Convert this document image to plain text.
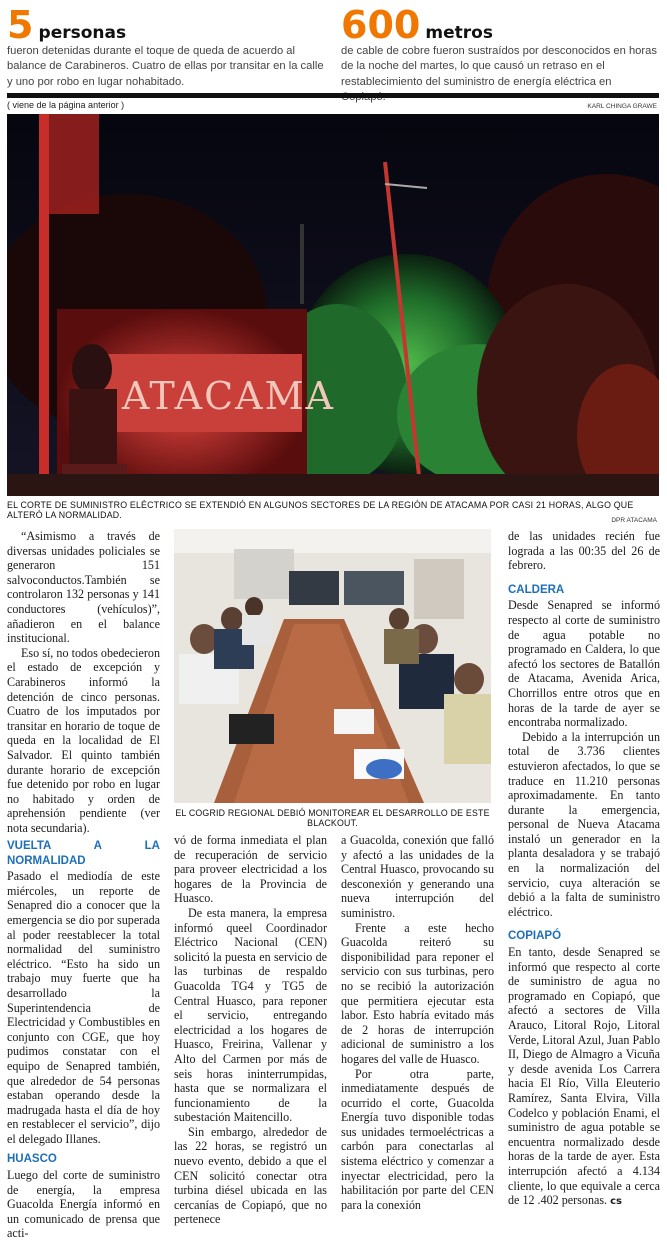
5 personas
fueron detenidas durante el toque de queda de acuerdo al balance de Carabineros. Cuatro de ellas por transitar en la calle y uno por robo en lugar nohabitado.
600 metros
de cable de cobre fueron sustraídos por desconocidos en horas de la noche del martes, lo que causó un retraso en el restablecimiento del suministro de energía eléctrica en
( viene de la página anterior )	KARL CHINGA GRAWE
ATACAMA
EL CORTE DE SUMINISTRO ELÉCTRICO SE EXTENDIÓ EN ALGUNOS SECTORES DE LA REGIÓN DE ATACAMA POR CASI 21 HORAS, ALGO QUE ALTERÓ LA NORMALIDAD.
DPR ATACAMA

“Asimismo a través de diversas unidades policiales se generaron 151 salvoconductos.También se controlaron 132 personas y 141 conductores (vehículos)”, añadieron en el balance institucional.

Eso sí, no todos obedecieron el estado de excepción y Carabineros informó la detención de cinco personas. Cuatro de los imputados por transitar en horario de toque de queda en la localidad de El Salvador. El quinto también durante horario de excepción fue detenido por robo en lugar no habitado y orden de aprehensión pendiente (ver nota secundaria).

EL COGRID REGIONAL DEBIÓ MONITOREAR EL DESARROLLO DE ESTE BLACKOUT.
VUELTA A LA NORMALIDAD

Pasado el mediodía de este miércoles, un reporte de Senapred dio a conocer que la emergencia se dio por superada al poder reestablecer la total normalidad del suministro eléctrico. “Esto ha sido un trabajo muy fuerte que ha desarrollado la Superintendencia de Electricidad y Combustibles en conjunto con CGE, que hoy pudimos constatar con el equipo de Senapred también, que alrededor de 54 personas estaban operando desde la madrugada hasta el día de hoy en restablecer el servicio”, dijo el delegado Illanes.

HUASCO

Luego del corte de suministro de energía, la empresa Guacolda Energía informó en un comunicado de prensa que acti-

vó de forma inmediata el plan de recuperación de servicio para proveer electricidad a los hogares de la Provincia de Huasco.

De esta manera, la empresa informó queel Coordinador Eléctrico Nacional (CEN) solicitó la puesta en servicio de las turbinas de respaldo Guacolda TG4 y TG5 de Central Huasco, para reponer el servicio, entregando electricidad a los hogares de Huasco, Freirina, Vallenar y Alto del Carmen por más de seis horas ininterrumpidas, hasta que se normalizara el funcionamiento de la subestación Maitencillo.

Sin embargo, alrededor de las 22 horas, se registró un nuevo evento, debido a que el CEN solicitó conectar otra turbina diésel ubicada en las cercanías de Copiapó, que no pertenece

a Guacolda, conexión que falló y afectó a las unidades de la Central Huasco, provocando su desconexión y generando una nueva interrupción del suministro.

Frente a este hecho Guacolda reiteró su disponibilidad para reponer el servicio con sus turbinas, pero no se recibió la autorización que permitiera ejecutar esta labor. Esto habría evitado más de 2 horas de interrupción adicional de suministro a los hogares del valle de Huasco.

Por otra parte, inmediatamente después de ocurrido el corte, Guacolda Energía tuvo disponible todas sus unidades termoeléctricas a carbón para conectarlas al sistema eléctrico y comenzar a inyectar electricidad, pero la habilitación por parte del CEN para la conexión

de las unidades recién fue lograda a las 00:35 del 26 de febrero.

CALDERA

Desde Senapred se informó respecto al corte de suministro de agua potable no programado en Caldera, lo que afectó los sectores de Batallón de Atacama, Avenida Arica, Chorrillos entre otros que en horas de la tarde de ayer se encontraba normalizado.

Debido a la interrupción un total de 3.736 clientes estuvieron afectados, lo que se traduce en 11.210 personas aproximadamente. En tanto durante la emergencia, personal de Nueva Atacama instaló un generador en la planta desaladora y se trabajó en la normalización del servicio, cuya alteración se debió a la falta de suministro eléctrico.

COPIAPÓ

En tanto, desde Senapred se informó que respecto al corte de suministro de agua no programado en Copiapó, que afectó a sectores de Villa Arauco, Litoral Rojo, Litoral Verde, Litoral Azul, Juan Pablo II, Diego de Almagro a Vicuña y desde avenida Los Carrera hacia El Río, Villa Eleuterio Ramírez, Santa Elvira, Villa Codelco y población Enami, el suministro de agua potable se encuentra normalizado desde horas de la tarde de ayer. Esta interrupción afectó a 4.134 cliente, lo que equivale a cerca de 12 .402 personas. cs
